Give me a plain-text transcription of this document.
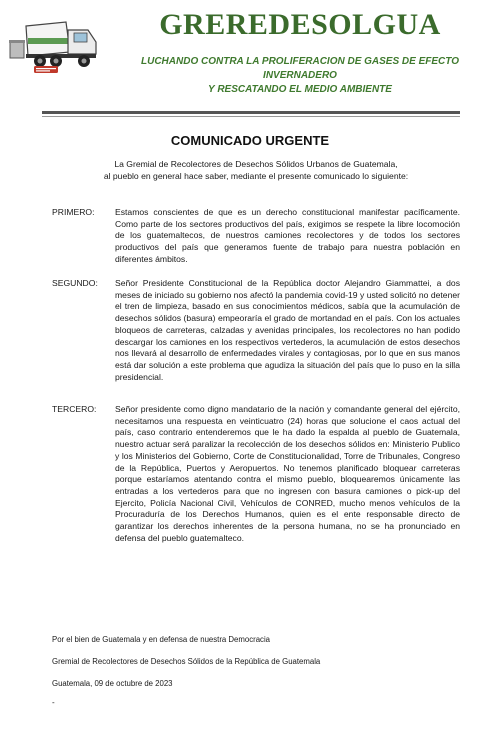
GREREDESOLGUA
LUCHANDO CONTRA LA PROLIFERACION DE GASES DE EFECTO
INVERNADERO
Y RESCATANDO EL MEDIO AMBIENTE
COMUNICADO URGENTE
La Gremial de Recolectores de Desechos Sólidos Urbanos de Guatemala,
al pueblo en general hace saber, mediante el presente comunicado lo siguiente:
PRIMERO:	Estamos conscientes de que es un derecho constitucional manifestar pacíficamente. Como parte de los sectores productivos del país, exigimos se respete la libre locomoción de los guatemaltecos, de nuestros camiones recolectores y de todos los sectores productivos del país que generamos fuente de trabajo para nuestra población en diferentes ámbitos.
SEGUNDO:	Señor Presidente Constitucional de la República doctor Alejandro Giammattei, a dos meses de iniciado su gobierno nos afectó la pandemia covid-19 y usted solicitó no detener el tren de limpieza, basado en sus conocimientos médicos, sabía que la acumulación de desechos sólidos (basura) empeoraría el grado de mortandad en el país. Con los actuales bloqueos de carreteras, calzadas y avenidas principales, los recolectores no han podido descargar los camiones en los respectivos vertederos, la acumulación de estos desechos nos llevará al desarrollo de enfermedades virales y contagiosas, por lo que en sus manos está dar solución a este problema que agudiza la situación del país que lo puso en la silla presidencial.
TERCERO:	Señor presidente como digno mandatario de la nación y comandante general del ejército, necesitamos una respuesta en veinticuatro (24) horas que solucione el caos actual del país, caso contrario entenderemos que le ha dado la espalda al pueblo de Guatemala, nuestro actuar será paralizar la recolección de los desechos sólidos en: Ministerio Publico y los Ministerios del Gobierno, Corte de Constitucionalidad, Torre de Tribunales, Congreso de la República, Puertos y Aeropuertos. No tenemos planificado bloquear carreteras porque estaríamos atentando contra el mismo pueblo, bloquearemos únicamente las entradas a los vertederos para que no ingresen con basura camiones o pick-up del Ejercito, Policía Nacional Civil, Vehículos de CONRED, mucho menos vehículos de la Procuraduría de los Derechos Humanos, quien es el ente responsable directo de garantizar los derechos inherentes de la persona humana, no se ha pronunciado en defensa del pueblo guatemalteco.
Por el bien de Guatemala y en defensa de nuestra Democracia
Gremial de Recolectores de Desechos Sólidos de la República de Guatemala
Guatemala, 09 de octubre de 2023
-
